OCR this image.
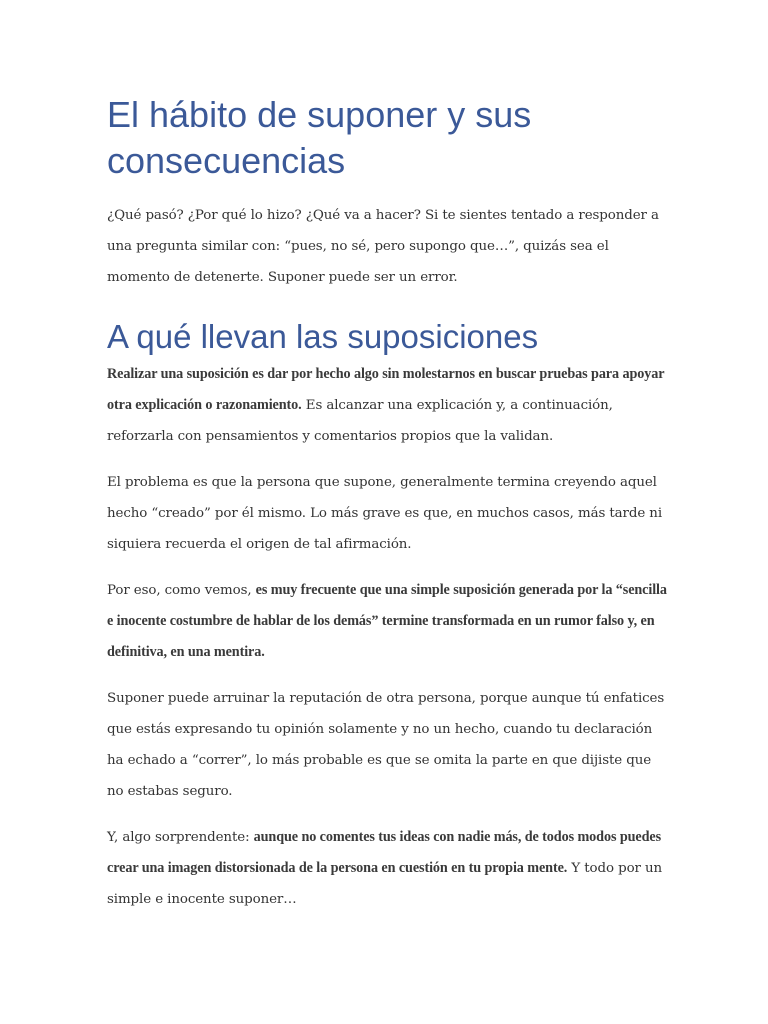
El hábito de suponer y sus consecuencias

¿Qué pasó? ¿Por qué lo hizo? ¿Qué va a hacer? Si te sientes tentado a responder a una pregunta similar con: “pues, no sé, pero supongo que…”, quizás sea el momento de detenerte. Suponer puede ser un error.

A qué llevan las suposiciones

Realizar una suposición es dar por hecho algo sin molestarnos en buscar pruebas para apoyar otra explicación o razonamiento. Es alcanzar una explicación y, a continuación, reforzarla con pensamientos y comentarios propios que la validan.

El problema es que la persona que supone, generalmente termina creyendo aquel hecho “creado” por él mismo. Lo más grave es que, en muchos casos, más tarde ni siquiera recuerda el origen de tal afirmación.

Por eso, como vemos, es muy frecuente que una simple suposición generada por la “sencilla e inocente costumbre de hablar de los demás” termine transformada en un rumor falso y, en definitiva, en una mentira.

Suponer puede arruinar la reputación de otra persona, porque aunque tú enfatices que estás expresando tu opinión solamente y no un hecho, cuando tu declaración ha echado a “correr”, lo más probable es que se omita la parte en que dijiste que no estabas seguro.

Y, algo sorprendente: aunque no comentes tus ideas con nadie más, de todos modos puedes crear una imagen distorsionada de la persona en cuestión en tu propia mente. Y todo por un simple e inocente suponer…
